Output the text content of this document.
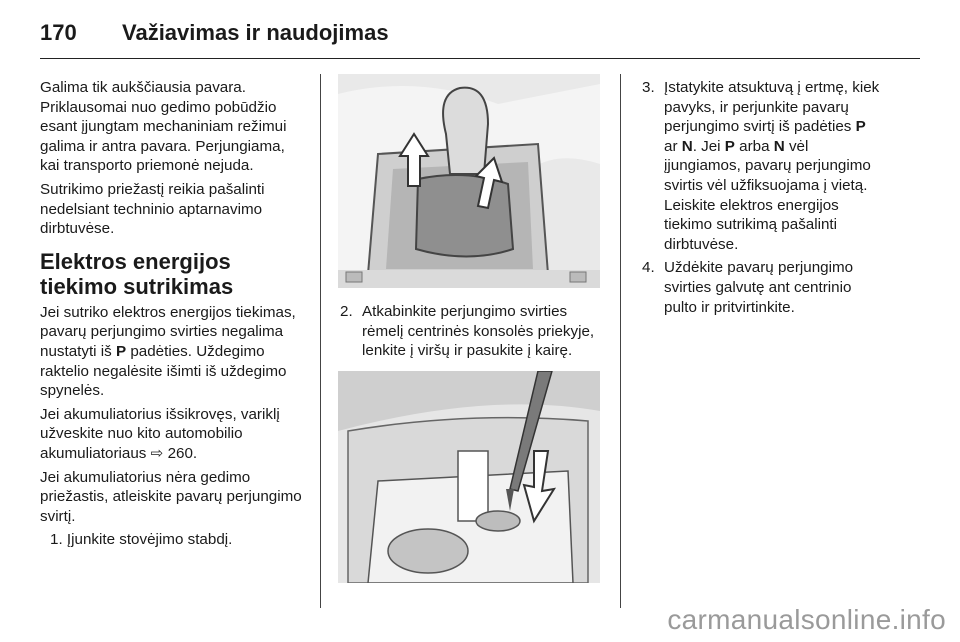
170 Važiavimas ir naudojimas

Galima tik aukščiausia pavara. Priklausomai nuo gedimo pobūdžio esant įjungtam mechaniniam režimui galima ir antra pavara. Perjungiama, kai transporto priemonė nejuda.

Sutrikimo priežastį reikia pašalinti nedelsiant techninio aptarnavimo dirbtuvėse.

Elektros energijos tiekimo sutrikimas

Jei sutriko elektros energijos tiekimas, pavarų perjungimo svirties negalima nustatyti iš P padėties. Uždegimo raktelio negalėsite išimti iš uždegimo spynelės.

Jei akumuliatorius išsikrovęs, variklį užveskite nuo kito automobilio akumuliatoriaus ⇨ 260.

Jei akumuliatorius nėra gedimo priežastis, atleiskite pavarų perjungimo svirtį.

1. Įjunkite stovėjimo stabdį.

2. Atkabinkite perjungimo svirties rėmelį centrinės konsolės priekyje, lenkite į viršų ir pasukite į kairę.
3. Įstatykite atsuktuvą į ertmę, kiek pavyks, ir perjunkite pavarų perjungimo svirtį iš padėties P ar N. Jei P arba N vėl įjungiamos, pavarų perjungimo svirtis vėl užfiksuojama į vietą. Leiskite elektros energijos tiekimo sutrikimą pašalinti dirbtuvėse.
4. Uždėkite pavarų perjungimo svirties galvutę ant centrinio pulto ir pritvirtinkite.
carmanualsonline.info
